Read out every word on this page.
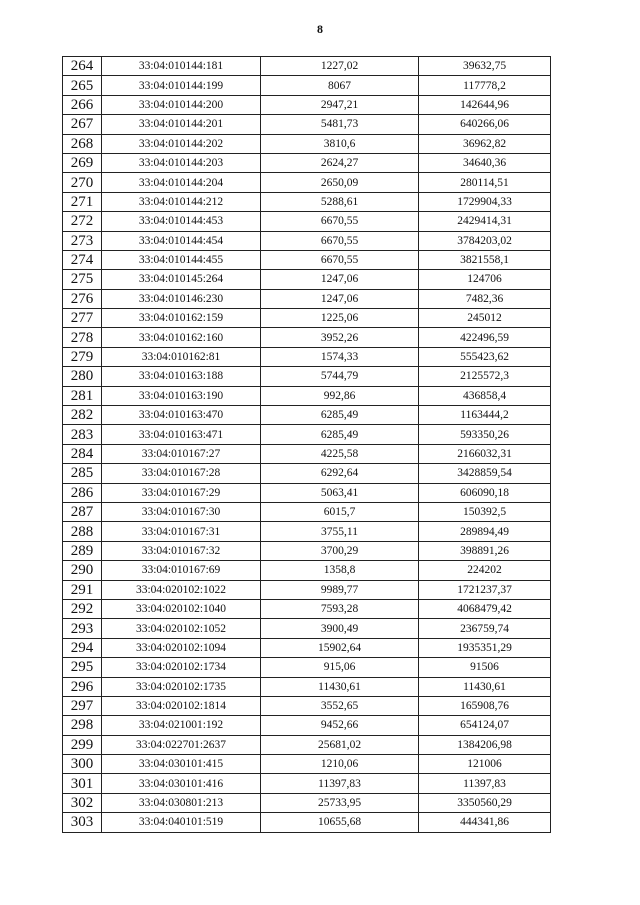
8
264	33:04:010144:181	1227,02	39632,75
265	33:04:010144:199	8067	117778,2
266	33:04:010144:200	2947,21	142644,96
267	33:04:010144:201	5481,73	640266,06
268	33:04:010144:202	3810,6	36962,82
269	33:04:010144:203	2624,27	34640,36
270	33:04:010144:204	2650,09	280114,51
271	33:04:010144:212	5288,61	1729904,33
272	33:04:010144:453	6670,55	2429414,31
273	33:04:010144:454	6670,55	3784203,02
274	33:04:010144:455	6670,55	3821558,1
275	33:04:010145:264	1247,06	124706
276	33:04:010146:230	1247,06	7482,36
277	33:04:010162:159	1225,06	245012
278	33:04:010162:160	3952,26	422496,59
279	33:04:010162:81	1574,33	555423,62
280	33:04:010163:188	5744,79	2125572,3
281	33:04:010163:190	992,86	436858,4
282	33:04:010163:470	6285,49	1163444,2
283	33:04:010163:471	6285,49	593350,26
284	33:04:010167:27	4225,58	2166032,31
285	33:04:010167:28	6292,64	3428859,54
286	33:04:010167:29	5063,41	606090,18
287	33:04:010167:30	6015,7	150392,5
288	33:04:010167:31	3755,11	289894,49
289	33:04:010167:32	3700,29	398891,26
290	33:04:010167:69	1358,8	224202
291	33:04:020102:1022	9989,77	1721237,37
292	33:04:020102:1040	7593,28	4068479,42
293	33:04:020102:1052	3900,49	236759,74
294	33:04:020102:1094	15902,64	1935351,29
295	33:04:020102:1734	915,06	91506
296	33:04:020102:1735	11430,61	11430,61
297	33:04:020102:1814	3552,65	165908,76
298	33:04:021001:192	9452,66	654124,07
299	33:04:022701:2637	25681,02	1384206,98
300	33:04:030101:415	1210,06	121006
301	33:04:030101:416	11397,83	11397,83
302	33:04:030801:213	25733,95	3350560,29
303	33:04:040101:519	10655,68	444341,86
